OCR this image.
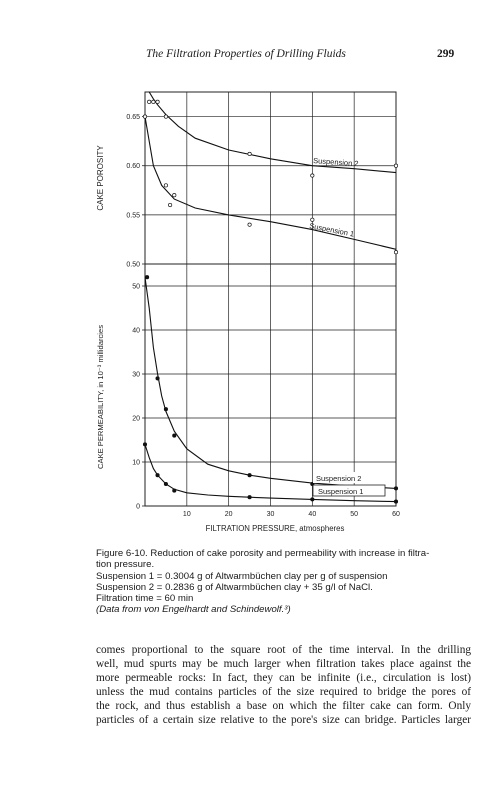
The Filtration Properties of Drilling Fluids	299
0.65
0.60
0.55
0.50
CAKE POROSITY	Suspension 2
Suspension 1
50
40
30
20
10
0
10	20	30	40	50	60
CAKE PERMEABILITY, in 10⁻³ millidarcies
Suspension 2
Suspension 1
FILTRATION PRESSURE, atmospheres
Figure 6-10. Reduction of cake porosity and permeability with increase in filtra-
tion pressure.
Suspension 1 = 0.3004 g of Altwarmbüchen clay per g of suspension
Suspension 2 = 0.2836 g of Altwarmbüchen clay + 35 g/l of NaCl.
Filtration time = 60 min
(Data from von Engelhardt and Schindewolf.³)
comes proportional to the square root of the time interval. In the drilling
well, mud spurts may be much larger when filtration takes place against the
more permeable rocks: In fact, they can be infinite (i.e., circulation is lost)
unless the mud contains particles of the size required to bridge the pores of
the rock, and thus establish a base on which the filter cake can form. Only
particles of a certain size relative to the pore's size can bridge. Particles larger
